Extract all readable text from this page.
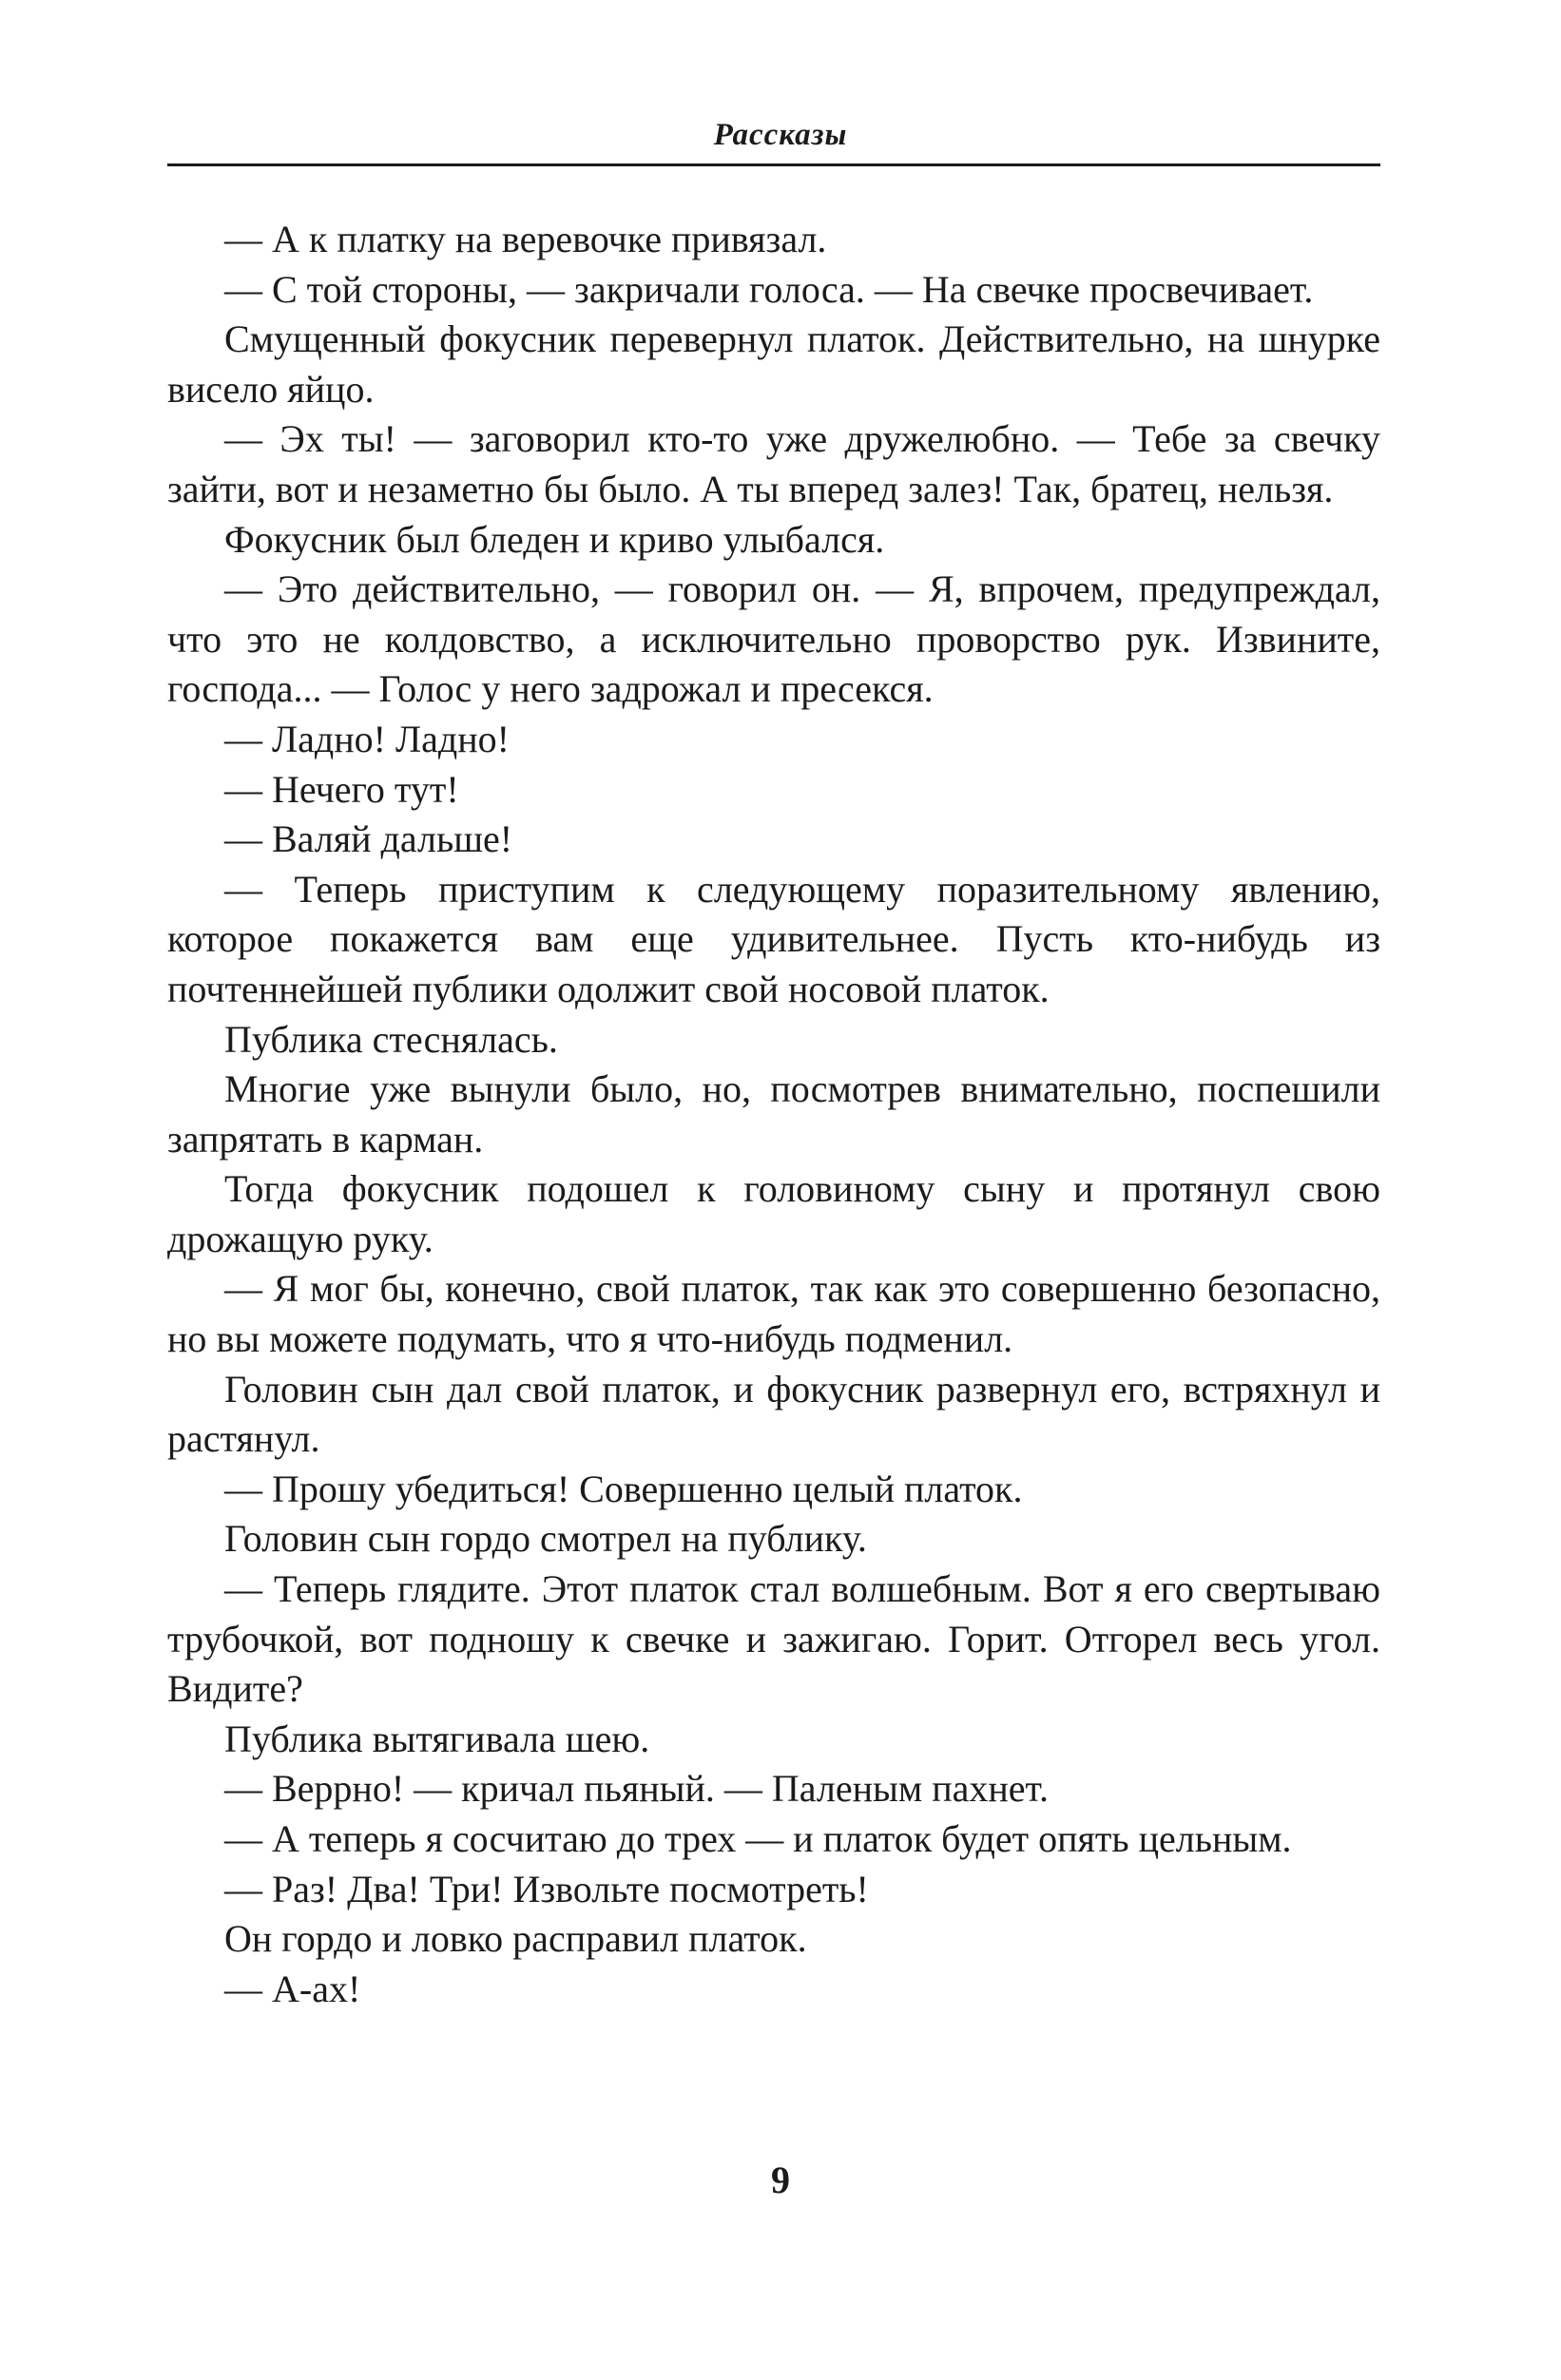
Рассказы

— А к платку на веревочке привязал.

— С той стороны, — закричали голоса. — На свечке просвечивает.

Смущенный фокусник перевернул платок. Действительно, на шнурке висело яйцо.

— Эх ты! — заговорил кто-то уже дружелюбно. — Тебе за свечку зайти, вот и незаметно бы было. А ты вперед залез! Так, братец, нельзя.

Фокусник был бледен и криво улыбался.

— Это действительно, — говорил он. — Я, впрочем, предупреждал, что это не колдовство, а исключительно проворство рук. Извините, господа... — Голос у него задрожал и пресекся.

— Ладно! Ладно!

— Нечего тут!

— Валяй дальше!

— Теперь приступим к следующему поразительному явлению, которое покажется вам еще удивительнее. Пусть кто-нибудь из почтеннейшей публики одолжит свой носовой платок.

Публика стеснялась.

Многие уже вынули было, но, посмотрев внимательно, поспешили запрятать в карман.

Тогда фокусник подошел к головиному сыну и протянул свою дрожащую руку.

— Я мог бы, конечно, свой платок, так как это совершенно безопасно, но вы можете подумать, что я что-нибудь подменил.

Головин сын дал свой платок, и фокусник развернул его, встряхнул и растянул.

— Прошу убедиться! Совершенно целый платок.

Головин сын гордо смотрел на публику.

— Теперь глядите. Этот платок стал волшебным. Вот я его свертываю трубочкой, вот подношу к свечке и зажигаю. Горит. Отгорел весь угол. Видите?

Публика вытягивала шею.

— Веррно! — кричал пьяный. — Паленым пахнет.

— А теперь я сосчитаю до трех — и платок будет опять цельным.

— Раз! Два! Три! Извольте посмотреть!

Он гордо и ловко расправил платок.

— А-ах!

9
